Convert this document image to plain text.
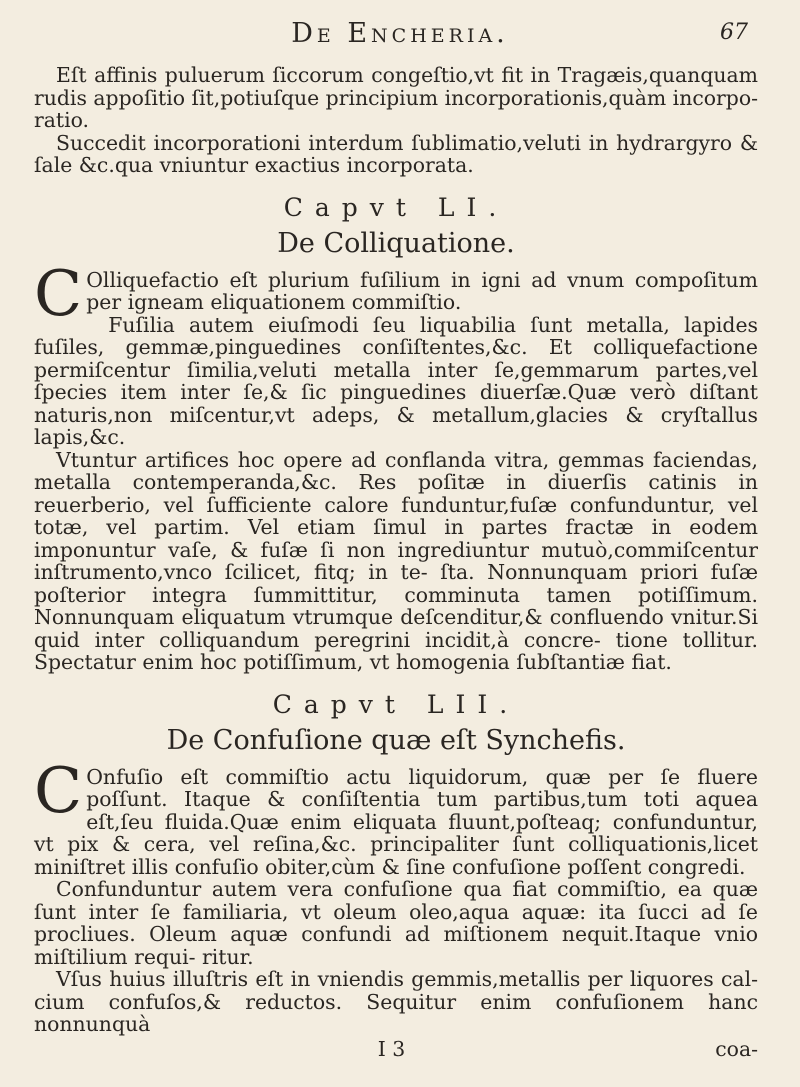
De Encheria.	67

Eſt affinis puluerum ſiccorum congeſtio,vt fit in Tragæis,quanquam rudis appoſitio ſit,potiuſque principium incorporationis,quàm incorpo- ratio.

Succedit incorporationi interdum ſublimatio,veluti in hydrargyro & ſale &c.qua vniuntur exactius incorporata.

Capvt LI.
De Colliquatione.
C Olliquefactio eſt plurium fuſilium in igni ad vnum compoſitum per igneam eliquationem commiſtio.

Fuſilia autem eiuſmodi ſeu liquabilia ſunt metalla, lapides fuſiles, gemmæ,pinguedines conſiſtentes,&c. Et colliquefactione permiſcentur ſimilia,veluti metalla inter ſe,gemmarum partes,vel ſpecies item inter ſe,& ſic pinguedines diuerſæ.Quæ verò diſtant naturis,non miſcentur,vt adeps, & metallum,glacies & cryſtallus lapis,&c.

Vtuntur artifices hoc opere ad conflanda vitra, gemmas faciendas, metalla contemperanda,&c. Res poſitæ in diuerſis catinis in reuerberio, vel ſufficiente calore funduntur,fuſæ confunduntur, vel totæ, vel partim. Vel etiam ſimul in partes fractæ in eodem imponuntur vaſe, & fuſæ ſi non ingrediuntur mutuò,commiſcentur inſtrumento,vnco ſcilicet, fitq; in te- ſta. Nonnunquam priori fuſæ poſterior integra ſummittitur, comminuta tamen potiſſimum. Nonnunquam eliquatum vtrumque deſcenditur,& confluendo vnitur.Si quid inter colliquandum peregrini incidit,à concre- tione tollitur. Spectatur enim hoc potiſſimum, vt homogenia ſubſtantiæ fiat.

Capvt LII.
De Confuſione quæ eſt Synchefis.
C Onfuſio eſt commiſtio actu liquidorum, quæ per ſe fluere poſſunt. Itaque & conſiſtentia tum partibus,tum toti aquea eſt,ſeu fluida.Quæ enim eliquata fluunt,poſteaq; confunduntur, vt pix & cera, vel reſina,&c. principaliter ſunt colliquationis,licet miniſtret illis confuſio obiter,cùm & ſine confuſione poſſent congredi.

Confunduntur autem vera confuſione qua fiat commiſtio, ea quæ ſunt inter ſe familiaria, vt oleum oleo,aqua aquæ: ita ſucci ad ſe procliues. Oleum aquæ confundi ad miſtionem nequit.Itaque vnio miſtilium requi- ritur.

Vſus huius illuſtris eſt in vniendis gemmis,metallis per liquores cal- cium confuſos,& reductos. Sequitur enim confuſionem hanc nonnunquà

I 3	coa-
